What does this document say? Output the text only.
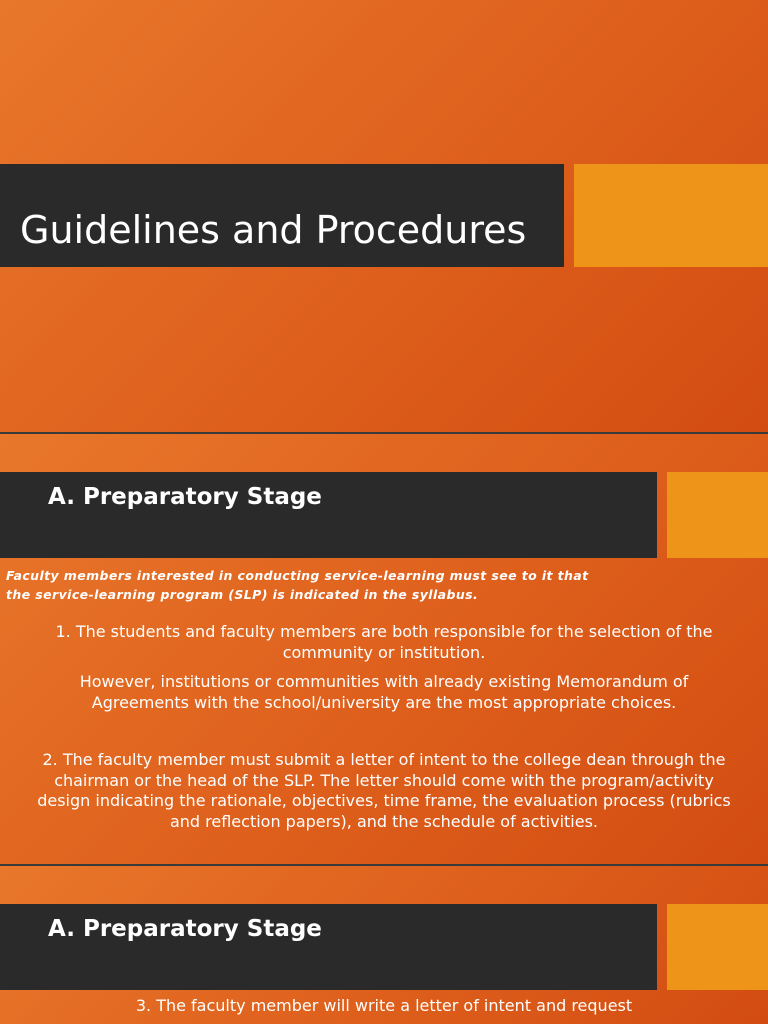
Guidelines and Procedures
A. Preparatory Stage
Faculty members interested in conducting service-learning must see to it that
the service-learning program (SLP) is indicated in the syllabus.
1. The students and faculty members are both responsible for the selection of the
community or institution.
However, institutions or communities with already existing Memorandum of
Agreements with the school/university are the most appropriate choices.
2. The faculty member must submit a letter of intent to the college dean through the
chairman or the head of the SLP. The letter should come with the program/activity
design indicating the rationale, objectives, time frame, the evaluation process (rubrics
and reflection papers), and the schedule of activities.
A. Preparatory Stage
3. The faculty member will write a letter of intent and request
